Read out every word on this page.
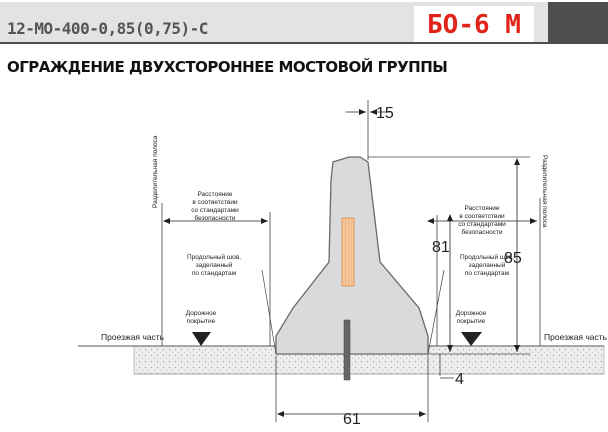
12-МО-400-0,85(0,75)-С	БО-6 М
ОГРАЖДЕНИЕ ДВУХСТОРОННЕЕ МОСТОВОЙ ГРУППЫ
15
81
85
4
61
Проезжая часть	Проезжая часть
Разделительная полоса	Разделительная полоса
Расстояние
в соответствии
со стандартами
безопасности
Расстояние
в соответствии
со стандартами
безопасности
Продольный шов,
заделанный
по стандартам
Продольный шов,
заделанный
по стандартам
Дорожное
покрытие
Дорожное
покрытие
